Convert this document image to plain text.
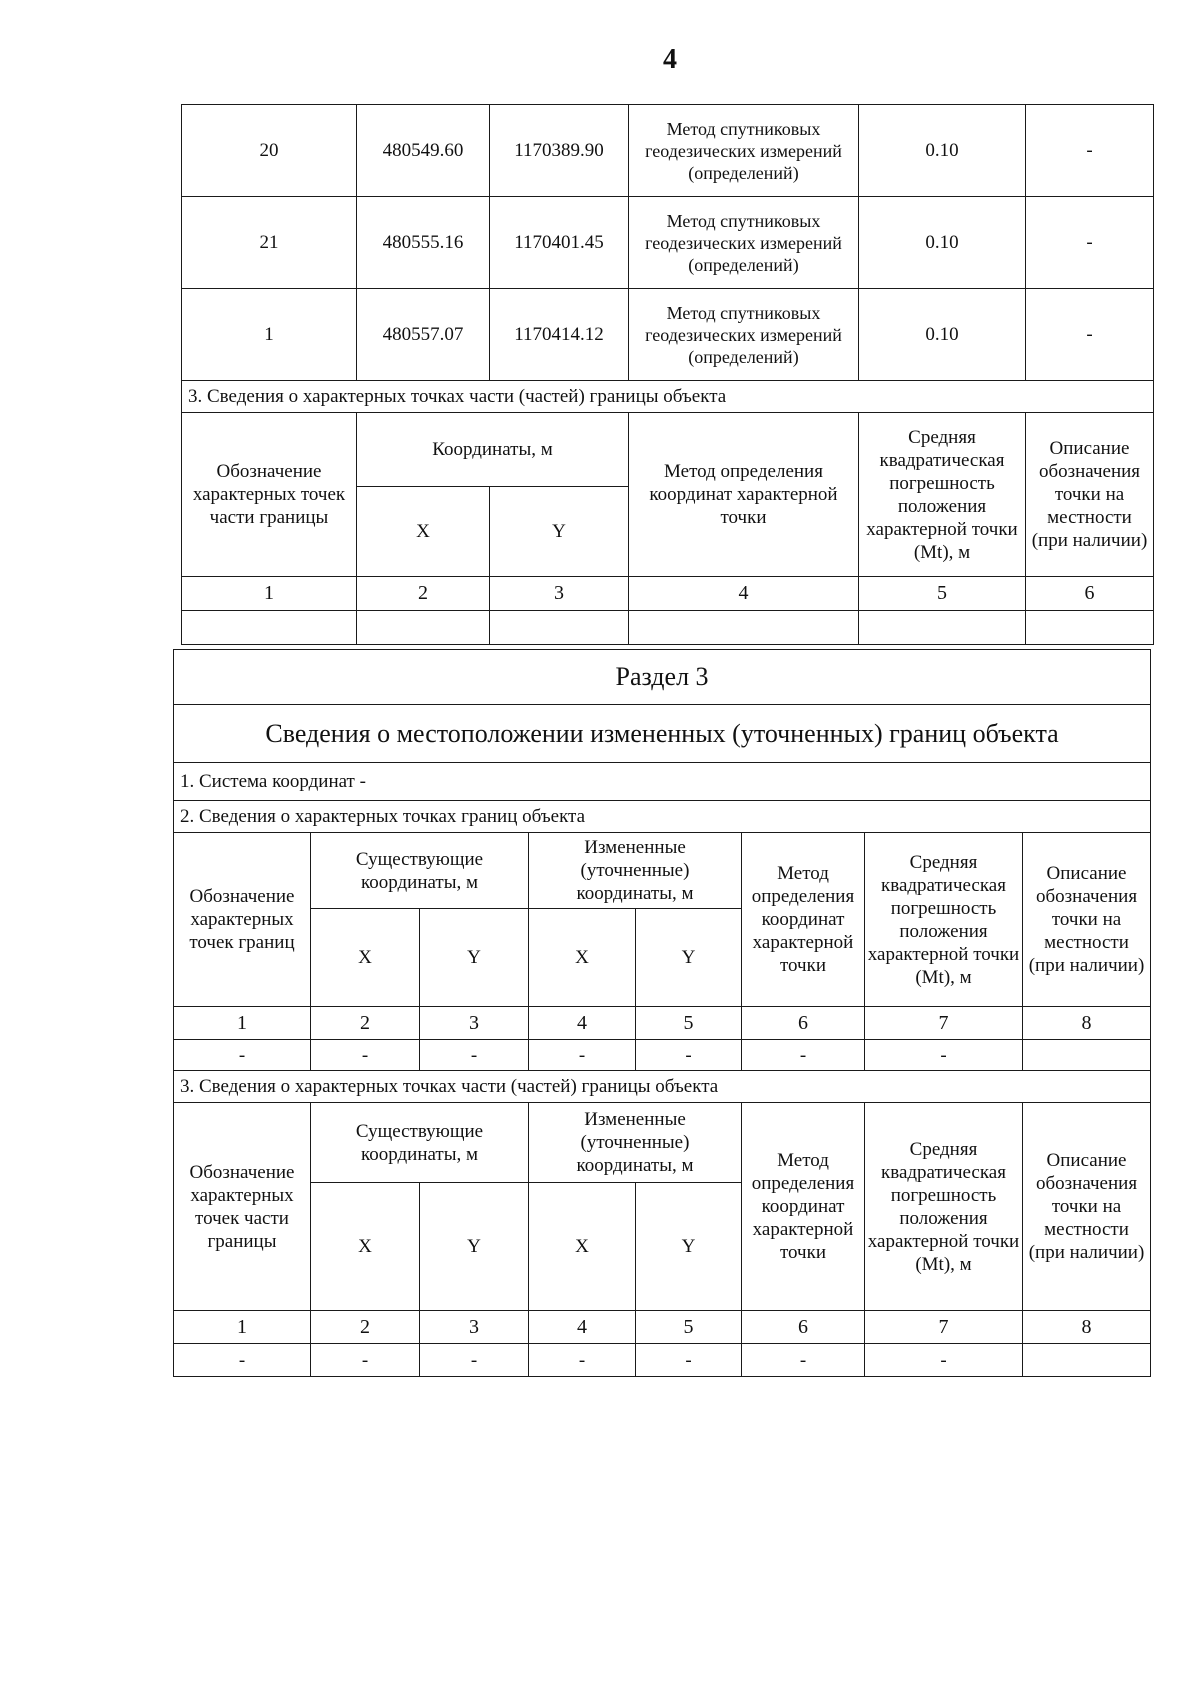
4
20	480549.60	1170389.90	Метод спутниковых геодезических измерений (определений)	0.10	-
21	480555.16	1170401.45	Метод спутниковых геодезических измерений (определений)	0.10	-
1	480557.07	1170414.12	Метод спутниковых геодезических измерений (определений)	0.10	-
3. Сведения о характерных точках части (частей) границы объекта					
Обозначение характерных точек части границы	Координаты, м		Метод определения координат характерной точки	Средняя квадратическая погрешность положения характерной точки (Mt), м	Описание обозначения точки на местности (при наличии)
	X	Y			
1	2	3	4	5	6

Раздел 3							
Сведения о местоположении измененных (уточненных) границ объекта							
1. Система координат -							
2. Сведения о характерных точках границ объекта							
Обозначение характерных точек границ	Существующие координаты, м		Измененные (уточненные) координаты, м		Метод определения координат характерной точки	Средняя квадратическая погрешность положения характерной точки (Mt), м	Описание обозначения точки на местности (при наличии)
	X	Y	X	Y			
1	2	3	4	5	6	7	8
-	-	-	-	-	-	-	
3. Сведения о характерных точках части (частей) границы объекта							
Обозначение характерных точек части границы	Существующие координаты, м		Измененные (уточненные) координаты, м		Метод определения координат характерной точки	Средняя квадратическая погрешность положения характерной точки (Mt), м	Описание обозначения точки на местности (при наличии)
	X	Y	X	Y			
1	2	3	4	5	6	7	8
-	-	-	-	-	-	-	
